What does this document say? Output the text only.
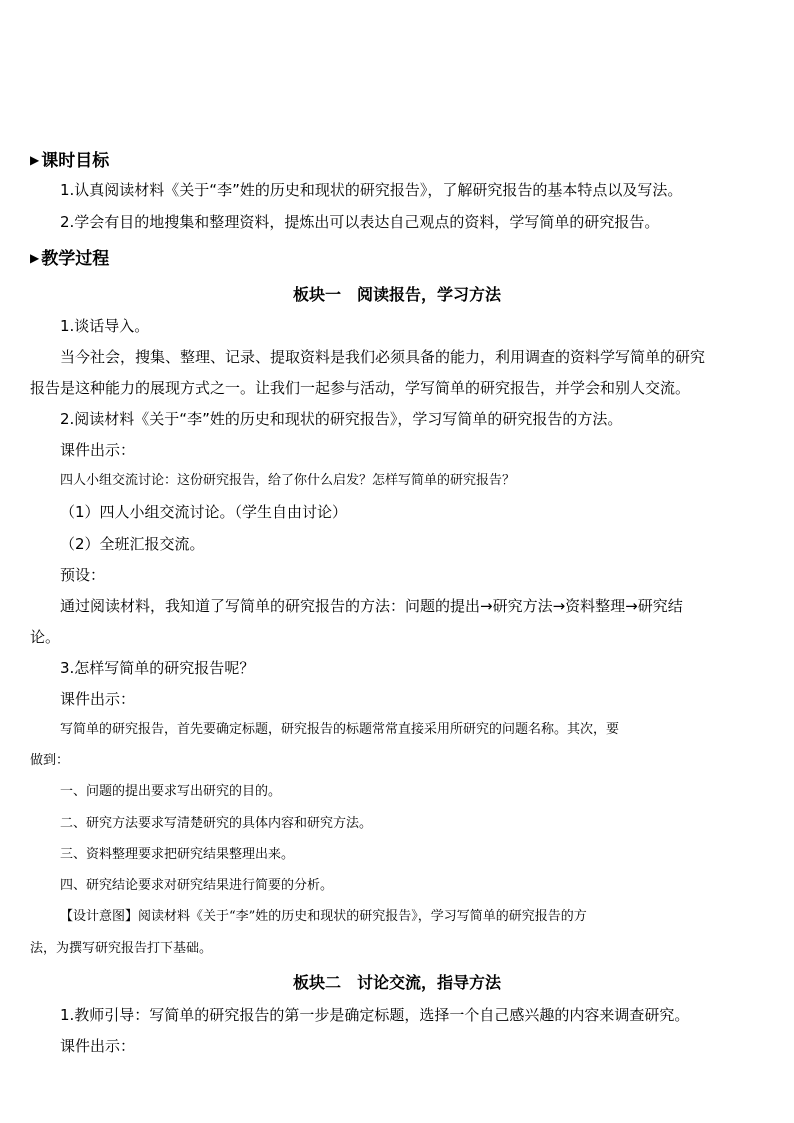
▶ 课时目标
1.认真阅读材料《关于“李”姓的历史和现状的研究报告》，了解研究报告的基本特点以及写法。
2.学会有目的地搜集和整理资料，提炼出可以表达自己观点的资料，学写简单的研究报告。
▶ 教学过程
板块一 阅读报告，学习方法
1.谈话导入。
当今社会，搜集、整理、记录、提取资料是我们必须具备的能力，利用调查的资料学写简单的研究
报告是这种能力的展现方式之一。让我们一起参与活动，学写简单的研究报告，并学会和别人交流。
2.阅读材料《关于“李”姓的历史和现状的研究报告》，学习写简单的研究报告的方法。
课件出示：
四人小组交流讨论：这份研究报告，给了你什么启发？怎样写简单的研究报告？
（1）四人小组交流讨论。（学生自由讨论）
（2）全班汇报交流。
预设：
通过阅读材料，我知道了写简单的研究报告的方法：问题的提出→研究方法→资料整理→研究结
论。
3.怎样写简单的研究报告呢？
课件出示：
写简单的研究报告，首先要确定标题，研究报告的标题常常直接采用所研究的问题名称。其次，要
做到：
一、问题的提出要求写出研究的目的。
二、研究方法要求写清楚研究的具体内容和研究方法。
三、资料整理要求把研究结果整理出来。
四、研究结论要求对研究结果进行简要的分析。
【设计意图】阅读材料《关于“李”姓的历史和现状的研究报告》，学习写简单的研究报告的方
法，为撰写研究报告打下基础。
板块二 讨论交流，指导方法
1.教师引导：写简单的研究报告的第一步是确定标题，选择一个自己感兴趣的内容来调查研究。
课件出示：
